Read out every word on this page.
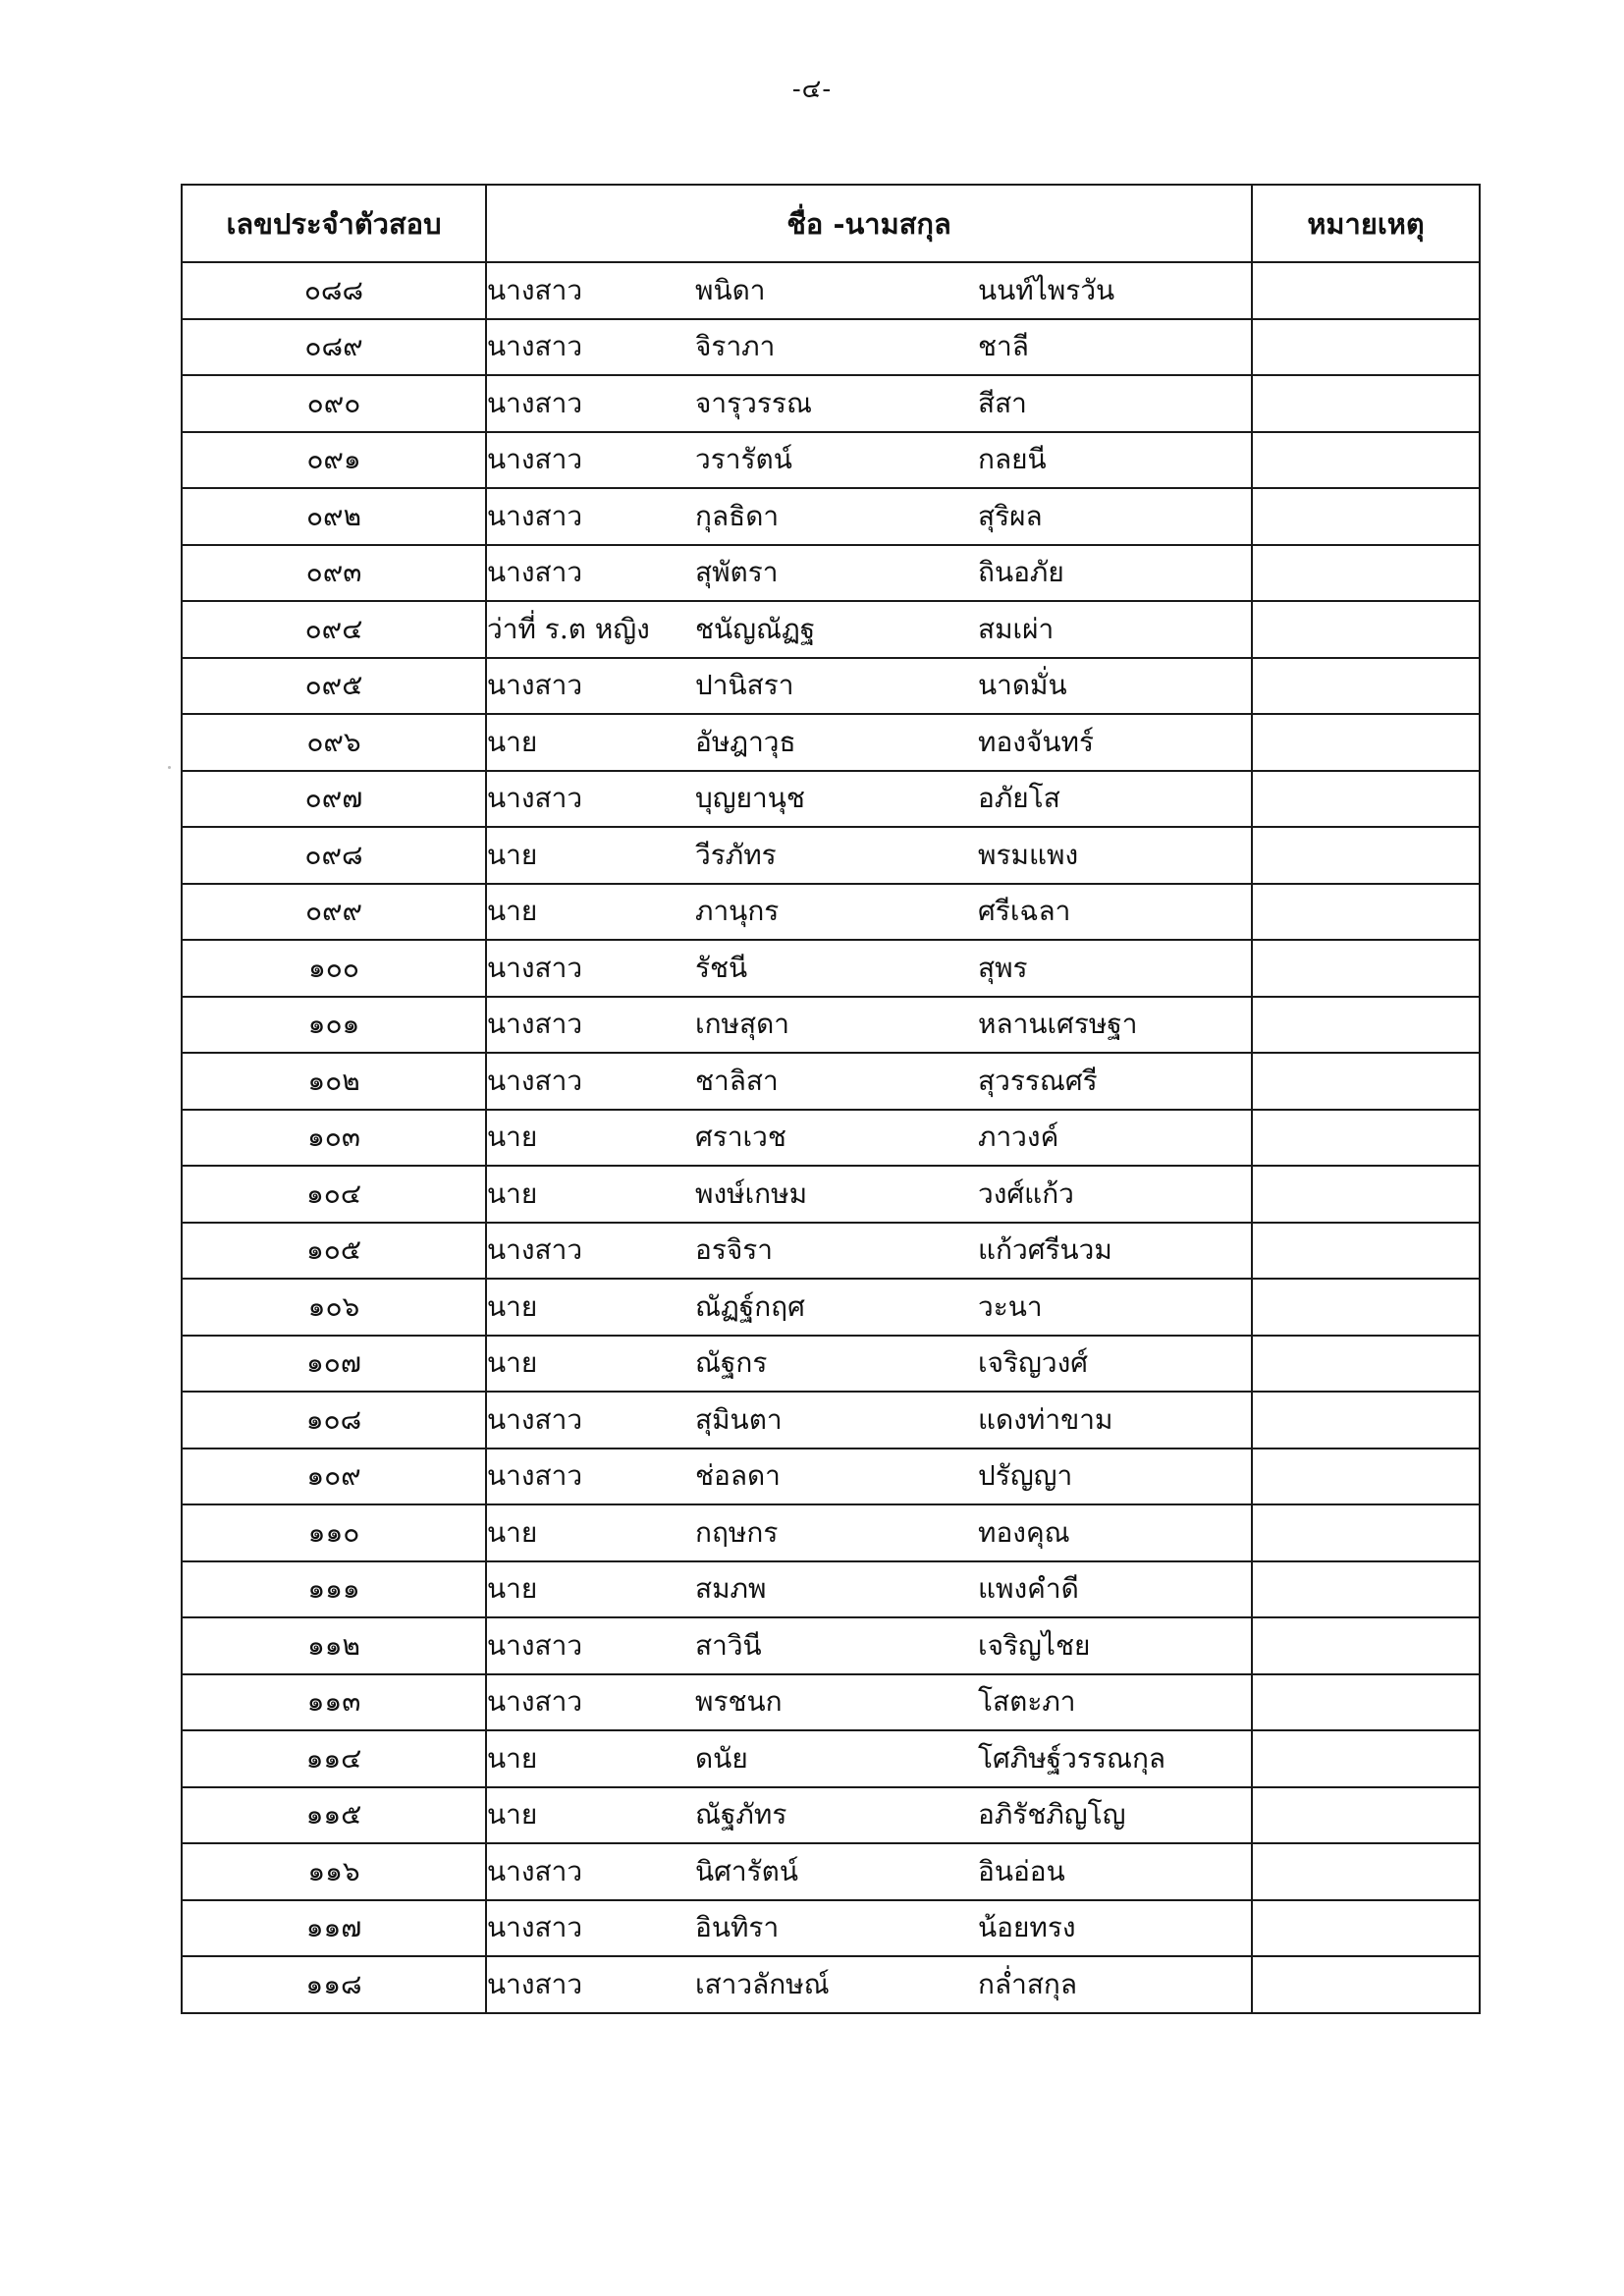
-๔-
เลขประจำตัวสอบ	ชื่อ -นามสกุล	หมายเหตุ
๐๘๘	นางสาว พนิดา นนท์ไพรวัน	

๐๘๙	นางสาว จิราภา ชาลี	

๐๙๐	นางสาว จารุวรรณ สีสา	

๐๙๑	นางสาว วรารัตน์ กลยนี	

๐๙๒	นางสาว กุลธิดา สุริผล	

๐๙๓	นางสาว สุพัตรา ถินอภัย	

๐๙๔	ว่าที่ ร.ต หญิง ชนัญณัฏฐ สมเผ่า	

๐๙๕	นางสาว ปานิสรา นาดมั่น	

๐๙๖	นาย อัษฎาวุธ ทองจันทร์	

๐๙๗	นางสาว บุญยานุช อภัยโส	

๐๙๘	นาย วีรภัทร พรมแพง	

๐๙๙	นาย ภานุกร ศรีเฉลา	

๑๐๐	นางสาว รัชนี สุพร	

๑๐๑	นางสาว เกษสุดา หลานเศรษฐา	

๑๐๒	นางสาว ชาลิสา สุวรรณศรี	

๑๐๓	นาย ศราเวช ภาวงค์	

๑๐๔	นาย พงษ์เกษม วงศ์แก้ว	

๑๐๕	นางสาว อรจิรา แก้วศรีนวม	

๑๐๖	นาย ณัฏฐ์กฤศ วะนา	

๑๐๗	นาย ณัฐกร เจริญวงศ์	

๑๐๘	นางสาว สุมินตา แดงท่าขาม	

๑๐๙	นางสาว ช่อลดา ปรัญญา	

๑๑๐	นาย กฤษกร ทองคุณ	

๑๑๑	นาย สมภพ แพงคำดี	

๑๑๒	นางสาว สาวินี เจริญไชย	

๑๑๓	นางสาว พรชนก โสตะภา	

๑๑๔	นาย ดนัย โศภิษฐ์วรรณกุล	

๑๑๕	นาย ณัฐภัทร อภิรัชภิญโญ	

๑๑๖	นางสาว นิศารัตน์ อินอ่อน	

๑๑๗	นางสาว อินทิรา น้อยทรง	

๑๑๘	นางสาว เสาวลักษณ์ กล่ำสกุล	
